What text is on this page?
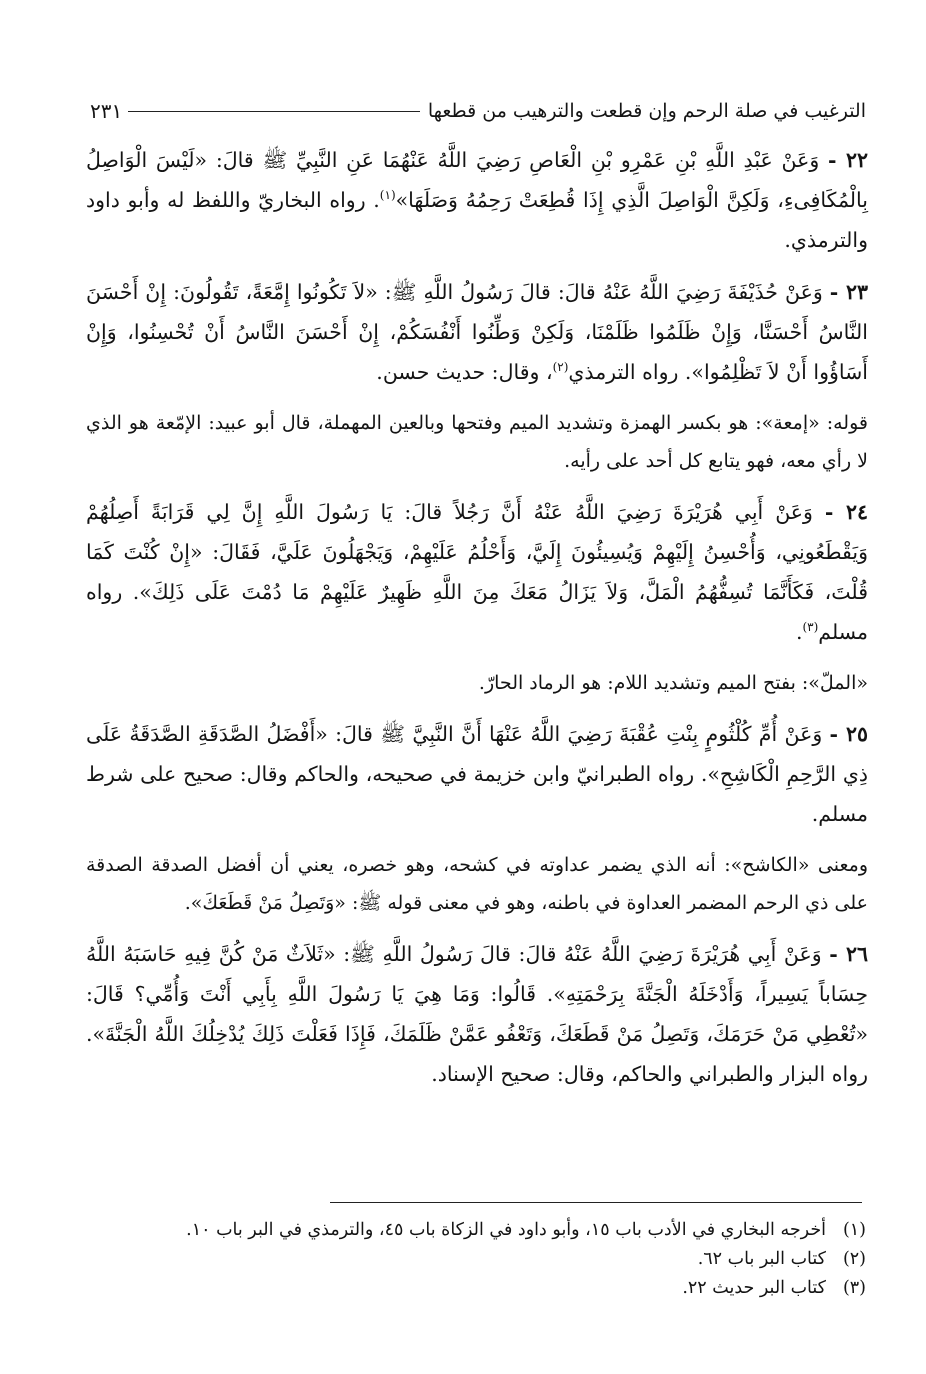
الترغيب في صلة الرحم وإن قطعت والترهيب من قطعها
٢٣١

٢٢ - وَعَنْ عَبْدِ اللَّهِ بْنِ عَمْرِو بْنِ الْعَاصِ رَضِيَ اللَّهُ عَنْهُمَا عَنِ النَّبِيِّ ﷺ قالَ: «لَيْسَ الْوَاصِلُ بِالْمُكَافِىءِ، وَلَكِنَّ الْوَاصِلَ الَّذِي إِذَا قُطِعَتْ رَحِمُهُ وَصَلَهَا»$^{(١)}$. رواه البخاريّ واللفظ له وأبو داود والترمذي.

٢٣ - وَعَنْ حُذَيْفَةَ رَضِيَ اللَّهُ عَنْهُ قالَ: قالَ رَسُولُ اللَّهِ ﷺ: «لاَ تَكُونُوا إِمَّعَةً، تَقُولُونَ: إِنْ أَحْسَنَ النَّاسُ أَحْسَنَّا، وَإِنْ ظَلَمُوا ظَلَمْنَا، وَلَكِنْ وَطِّنُوا أَنْفُسَكُمْ، إِنْ أَحْسَنَ النَّاسُ أَنْ تُحْسِنُوا، وَإِنْ أَسَاؤُوا أَنْ لاَ تَظْلِمُوا». رواه الترمذي$^{(٢)}$، وقال: حديث حسن.

قوله: «إمعة»: هو بكسر الهمزة وتشديد الميم وفتحها وبالعين المهملة، قال أبو عبيد: الإمّعة هو الذي لا رأي معه، فهو يتابع كل أحد على رأيه.

٢٤ - وَعَنْ أَبِي هُرَيْرَةَ رَضِيَ اللَّهُ عَنْهُ أَنَّ رَجُلاً قالَ: يَا رَسُولَ اللَّهِ إِنَّ لِي قَرَابَةً أَصِلُهُمْ وَيَقْطَعُونِي، وَأُحْسِنُ إِلَيْهِمْ وَيُسِيئُونَ إِلَيَّ، وَأَحْلُمُ عَلَيْهِمْ، وَيَجْهَلُونَ عَلَيَّ، فَقَالَ: «إِنْ كُنْتَ كَمَا قُلْتَ، فَكَأَنَّمَا تُسِفُّهُمُ الْمَلَّ، وَلاَ يَزَالُ مَعَكَ مِنَ اللَّهِ ظَهِيرٌ عَلَيْهِمْ مَا دُمْتَ عَلَى ذَلِكَ». رواه مسلم$^{(٣)}$.

«الملّ»: بفتح الميم وتشديد اللام: هو الرماد الحارّ.

٢٥ - وَعَنْ أُمِّ كُلْثُومٍ بِنْتِ عُقْبَةَ رَضِيَ اللَّهُ عَنْهَا أَنَّ النَّبِيَّ ﷺ قالَ: «أَفْضَلُ الصَّدَقَةِ الصَّدَقَةُ عَلَى ذِي الرَّحِمِ الْكَاشِحِ». رواه الطبرانيّ وابن خزيمة في صحيحه، والحاكم وقال: صحيح على شرط مسلم.

ومعنى «الكاشح»: أنه الذي يضمر عداوته في كشحه، وهو خصره، يعني أن أفضل الصدقة الصدقة على ذي الرحم المضمر العداوة في باطنه، وهو في معنى قوله ﷺ: «وَتَصِلُ مَنْ قَطَعَكَ».

٢٦ - وَعَنْ أَبِي هُرَيْرَةَ رَضِيَ اللَّهُ عَنْهُ قالَ: قالَ رَسُولُ اللَّهِ ﷺ: «ثَلاَثٌ مَنْ كُنَّ فِيهِ حَاسَبَهُ اللَّهُ حِسَاباً يَسِيراً، وَأَدْخَلَهُ الْجَنَّةَ بِرَحْمَتِهِ». قَالُوا: وَمَا هِيَ يَا رَسُولَ اللَّهِ بِأَبِي أَنْتَ وَأُمِّي؟ قَالَ: «تُعْطِي مَنْ حَرَمَكَ، وَتَصِلُ مَنْ قَطَعَكَ، وَتَعْفُو عَمَّنْ ظَلَمَكَ، فَإِذَا فَعَلْتَ ذَلِكَ يُدْخِلُكَ اللَّهُ الْجَنَّةَ». رواه البزار والطبراني والحاكم، وقال: صحيح الإسناد.

(١)
أخرجه البخاري في الأدب باب ١٥، وأبو داود في الزكاة باب ٤٥، والترمذي في البر باب ١٠.
(٢)
كتاب البر باب ٦٢.
(٣)
كتاب البر حديث ٢٢.
